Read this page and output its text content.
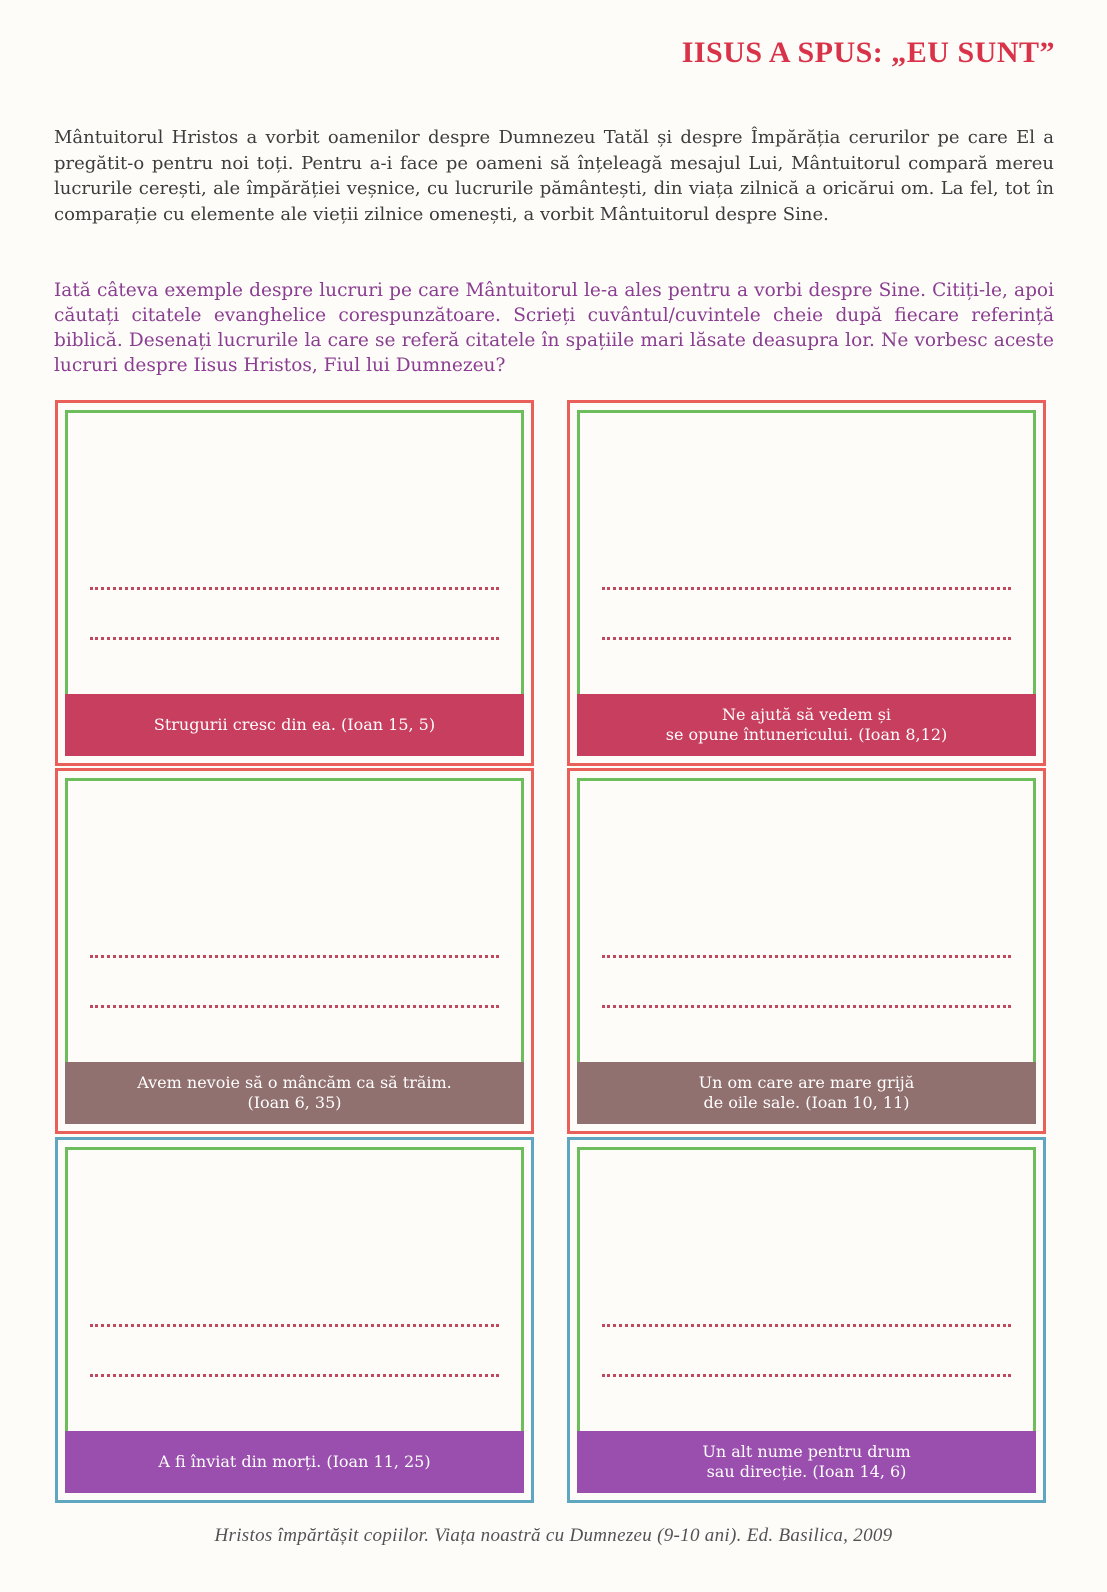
IISUS A SPUS: „EU SUNT”
Mântuitorul Hristos a vorbit oamenilor despre Dumnezeu Tatăl și despre Împărăția cerurilor pe care El a pregătit-o pentru noi toți. Pentru a-i face pe oameni să înțeleagă mesajul Lui, Mântuitorul compară mereu lucrurile cerești, ale împărăției veșnice, cu lucrurile pământești, din viața zilnică a oricărui om. La fel, tot în comparație cu elemente ale vieții zilnice omenești, a vorbit Mântuitorul despre Sine.
Iată câteva exemple despre lucruri pe care Mântuitorul le-a ales pentru a vorbi despre Sine. Citiți-le, apoi căutați citatele evanghelice corespunzătoare. Scrieți cuvântul/cuvintele cheie după fiecare referință biblică. Desenați lucrurile la care se referă citatele în spațiile mari lăsate deasupra lor. Ne vorbesc aceste lucruri despre Iisus Hristos, Fiul lui Dumnezeu?
Strugurii cresc din ea. (Ioan 15, 5)
Ne ajută să vedem și
se opune întunericului. (Ioan 8,12)
Avem nevoie să o mâncăm ca să trăim.
(Ioan 6, 35)
Un om care are mare grijă
de oile sale. (Ioan 10, 11)
A fi înviat din morți. (Ioan 11, 25)
Un alt nume pentru drum
sau direcție. (Ioan 14, 6)
Hristos împărtășit copiilor. Viața noastră cu Dumnezeu (9-10 ani). Ed. Basilica, 2009
